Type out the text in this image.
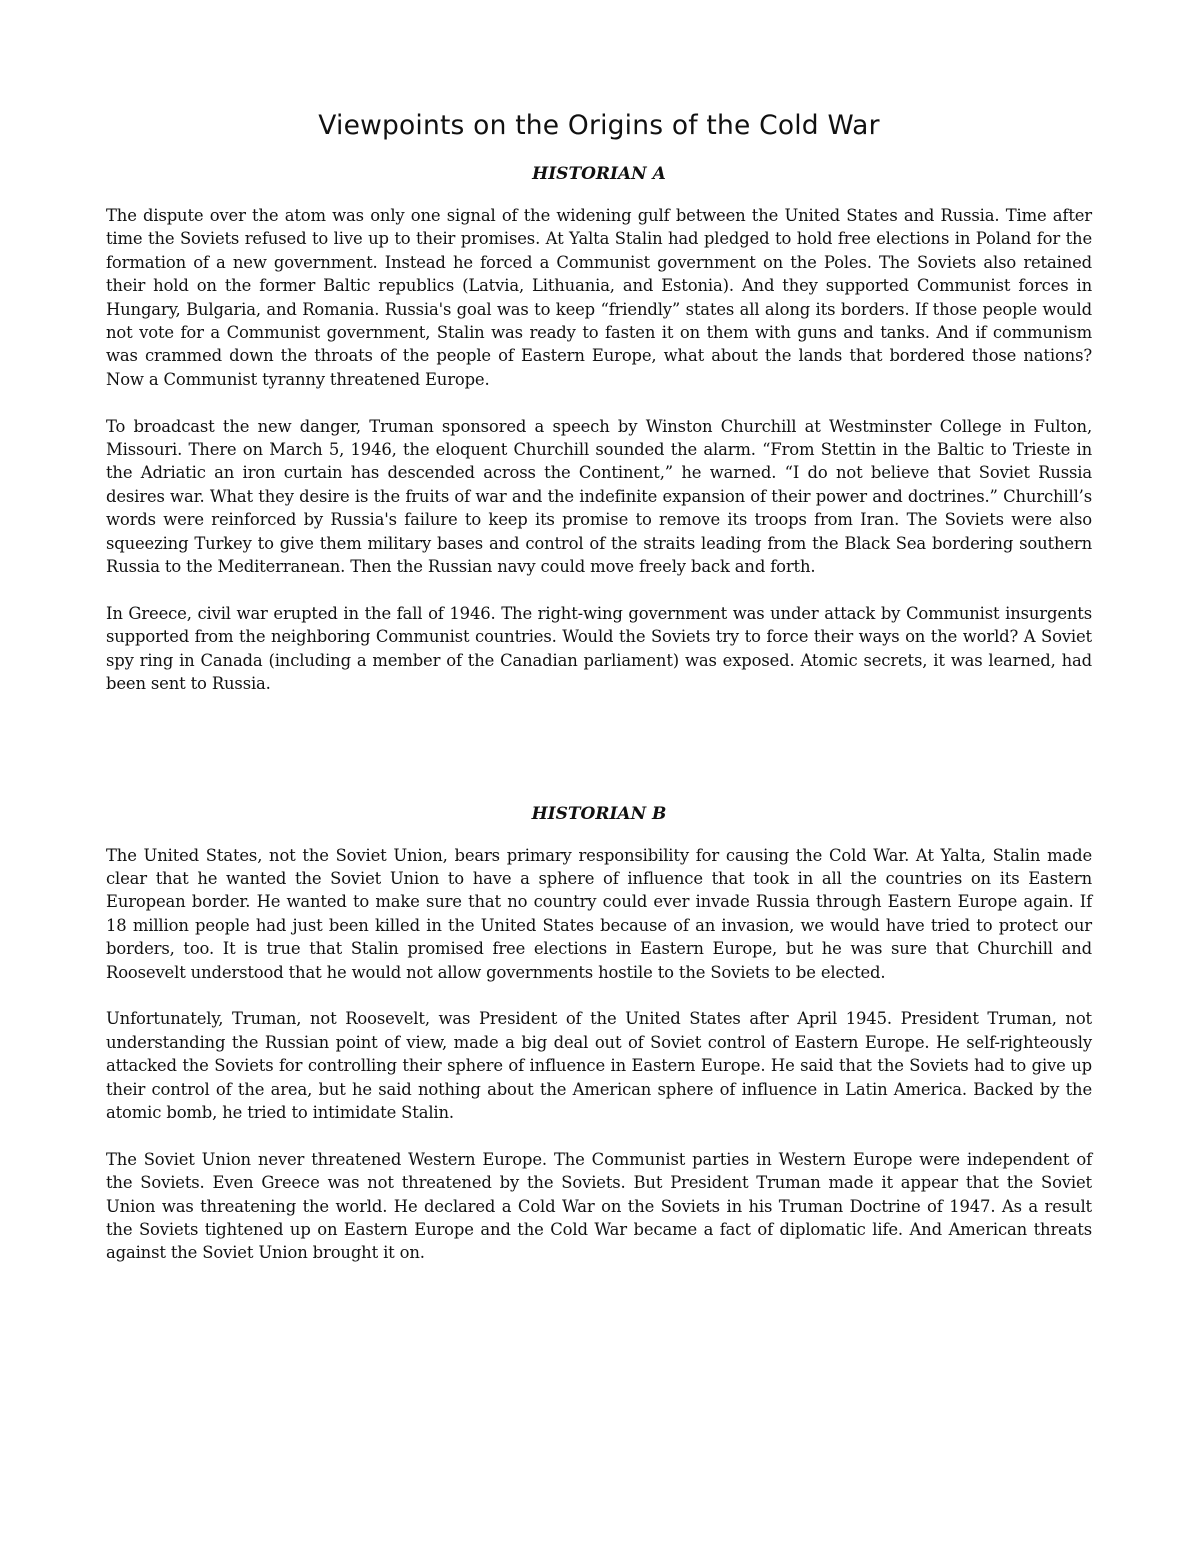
Viewpoints on the Origins of the Cold War
HISTORIAN A

The dispute over the atom was only one signal of the widening gulf between the United States and Russia. Time after time the Soviets refused to live up to their promises. At Yalta Stalin had pledged to hold free elections in Poland for the formation of a new government. Instead he forced a Communist government on the Poles. The Soviets also retained their hold on the former Baltic republics (Latvia, Lithuania, and Estonia). And they supported Communist forces in Hungary, Bulgaria, and Romania. Russia's goal was to keep “friendly” states all along its borders. If those people would not vote for a Communist government, Stalin was ready to fasten it on them with guns and tanks. And if communism was crammed down the throats of the people of Eastern Europe, what about the lands that bordered those nations? Now a Communist tyranny threatened Europe.

To broadcast the new danger, Truman sponsored a speech by Winston Churchill at Westminster College in Fulton, Missouri. There on March 5, 1946, the eloquent Churchill sounded the alarm. “From Stettin in the Baltic to Trieste in the Adriatic an iron curtain has descended across the Continent,” he warned. “I do not believe that Soviet Russia desires war. What they desire is the fruits of war and the indefinite expansion of their power and doctrines.” Churchill’s words were reinforced by Russia's failure to keep its promise to remove its troops from Iran. The Soviets were also squeezing Turkey to give them military bases and control of the straits leading from the Black Sea bordering southern Russia to the Mediterranean. Then the Russian navy could move freely back and forth.

In Greece, civil war erupted in the fall of 1946. The right-wing government was under attack by Communist insurgents supported from the neighboring Communist countries. Would the Soviets try to force their ways on the world? A Soviet spy ring in Canada (including a member of the Canadian parliament) was exposed. Atomic secrets, it was learned, had been sent to Russia.

HISTORIAN B

The United States, not the Soviet Union, bears primary responsibility for causing the Cold War. At Yalta, Stalin made clear that he wanted the Soviet Union to have a sphere of influence that took in all the countries on its Eastern European border. He wanted to make sure that no country could ever invade Russia through Eastern Europe again. If 18 million people had just been killed in the United States because of an invasion, we would have tried to protect our borders, too. It is true that Stalin promised free elections in Eastern Europe, but he was sure that Churchill and Roosevelt understood that he would not allow governments hostile to the Soviets to be elected.

Unfortunately, Truman, not Roosevelt, was President of the United States after April 1945. President Truman, not understanding the Russian point of view, made a big deal out of Soviet control of Eastern Europe. He self-righteously attacked the Soviets for controlling their sphere of influence in Eastern Europe. He said that the Soviets had to give up their control of the area, but he said nothing about the American sphere of influence in Latin America. Backed by the atomic bomb, he tried to intimidate Stalin.

The Soviet Union never threatened Western Europe. The Communist parties in Western Europe were independent of the Soviets. Even Greece was not threatened by the Soviets. But President Truman made it appear that the Soviet Union was threatening the world. He declared a Cold War on the Soviets in his Truman Doctrine of 1947. As a result the Soviets tightened up on Eastern Europe and the Cold War became a fact of diplomatic life. And American threats against the Soviet Union brought it on.
